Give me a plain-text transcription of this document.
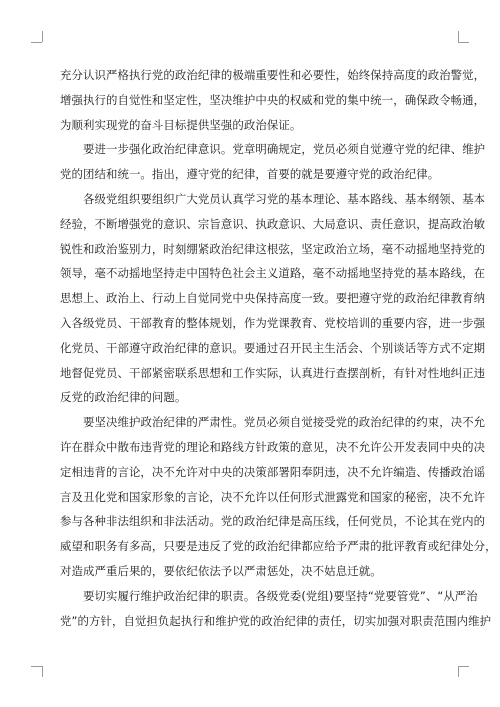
充分认识严格执行党的政治纪律的极端重要性和必要性，始终保持高度的政治警觉，
增强执行的自觉性和坚定性，坚决维护中央的权威和党的集中统一，确保政令畅通，
为顺利实现党的奋斗目标提供坚强的政治保证。

要进一步强化政治纪律意识。党章明确规定，党员必须自觉遵守党的纪律、维护
党的团结和统一。指出，遵守党的纪律，首要的就是要遵守党的政治纪律。

各级党组织要组织广大党员认真学习党的基本理论、基本路线、基本纲领、基本
经验，不断增强党的意识、宗旨意识、执政意识、大局意识、责任意识，提高政治敏
锐性和政治鉴别力，时刻绷紧政治纪律这根弦，坚定政治立场，毫不动摇地坚持党的
领导，毫不动摇地坚持走中国特色社会主义道路，毫不动摇地坚持党的基本路线，在
思想上、政治上、行动上自觉同党中央保持高度一致。要把遵守党的政治纪律教育纳
入各级党员、干部教育的整体规划，作为党课教育、党校培训的重要内容，进一步强
化党员、干部遵守政治纪律的意识。要通过召开民主生活会、个别谈话等方式不定期
地督促党员、干部紧密联系思想和工作实际，认真进行查摆剖析，有针对性地纠正违
反党的政治纪律的问题。

要坚决维护政治纪律的严肃性。党员必须自觉接受党的政治纪律的约束，决不允
许在群众中散布违背党的理论和路线方针政策的意见，决不允许公开发表同中央的决
定相违背的言论，决不允许对中央的决策部署阳奉阴违，决不允许编造、传播政治谣
言及丑化党和国家形象的言论，决不允许以任何形式泄露党和国家的秘密，决不允许
参与各种非法组织和非法活动。党的政治纪律是高压线，任何党员，不论其在党内的
威望和职务有多高，只要是违反了党的政治纪律都应给予严肃的批评教育或纪律处分，
对造成严重后果的，要依纪依法予以严肃惩处，决不姑息迁就。

要切实履行维护政治纪律的职责。各级党委(党组)要坚持“党要管党”、“从严治
党”的方针，自觉担负起执行和维护党的政治纪律的责任，切实加强对职责范围内维护
